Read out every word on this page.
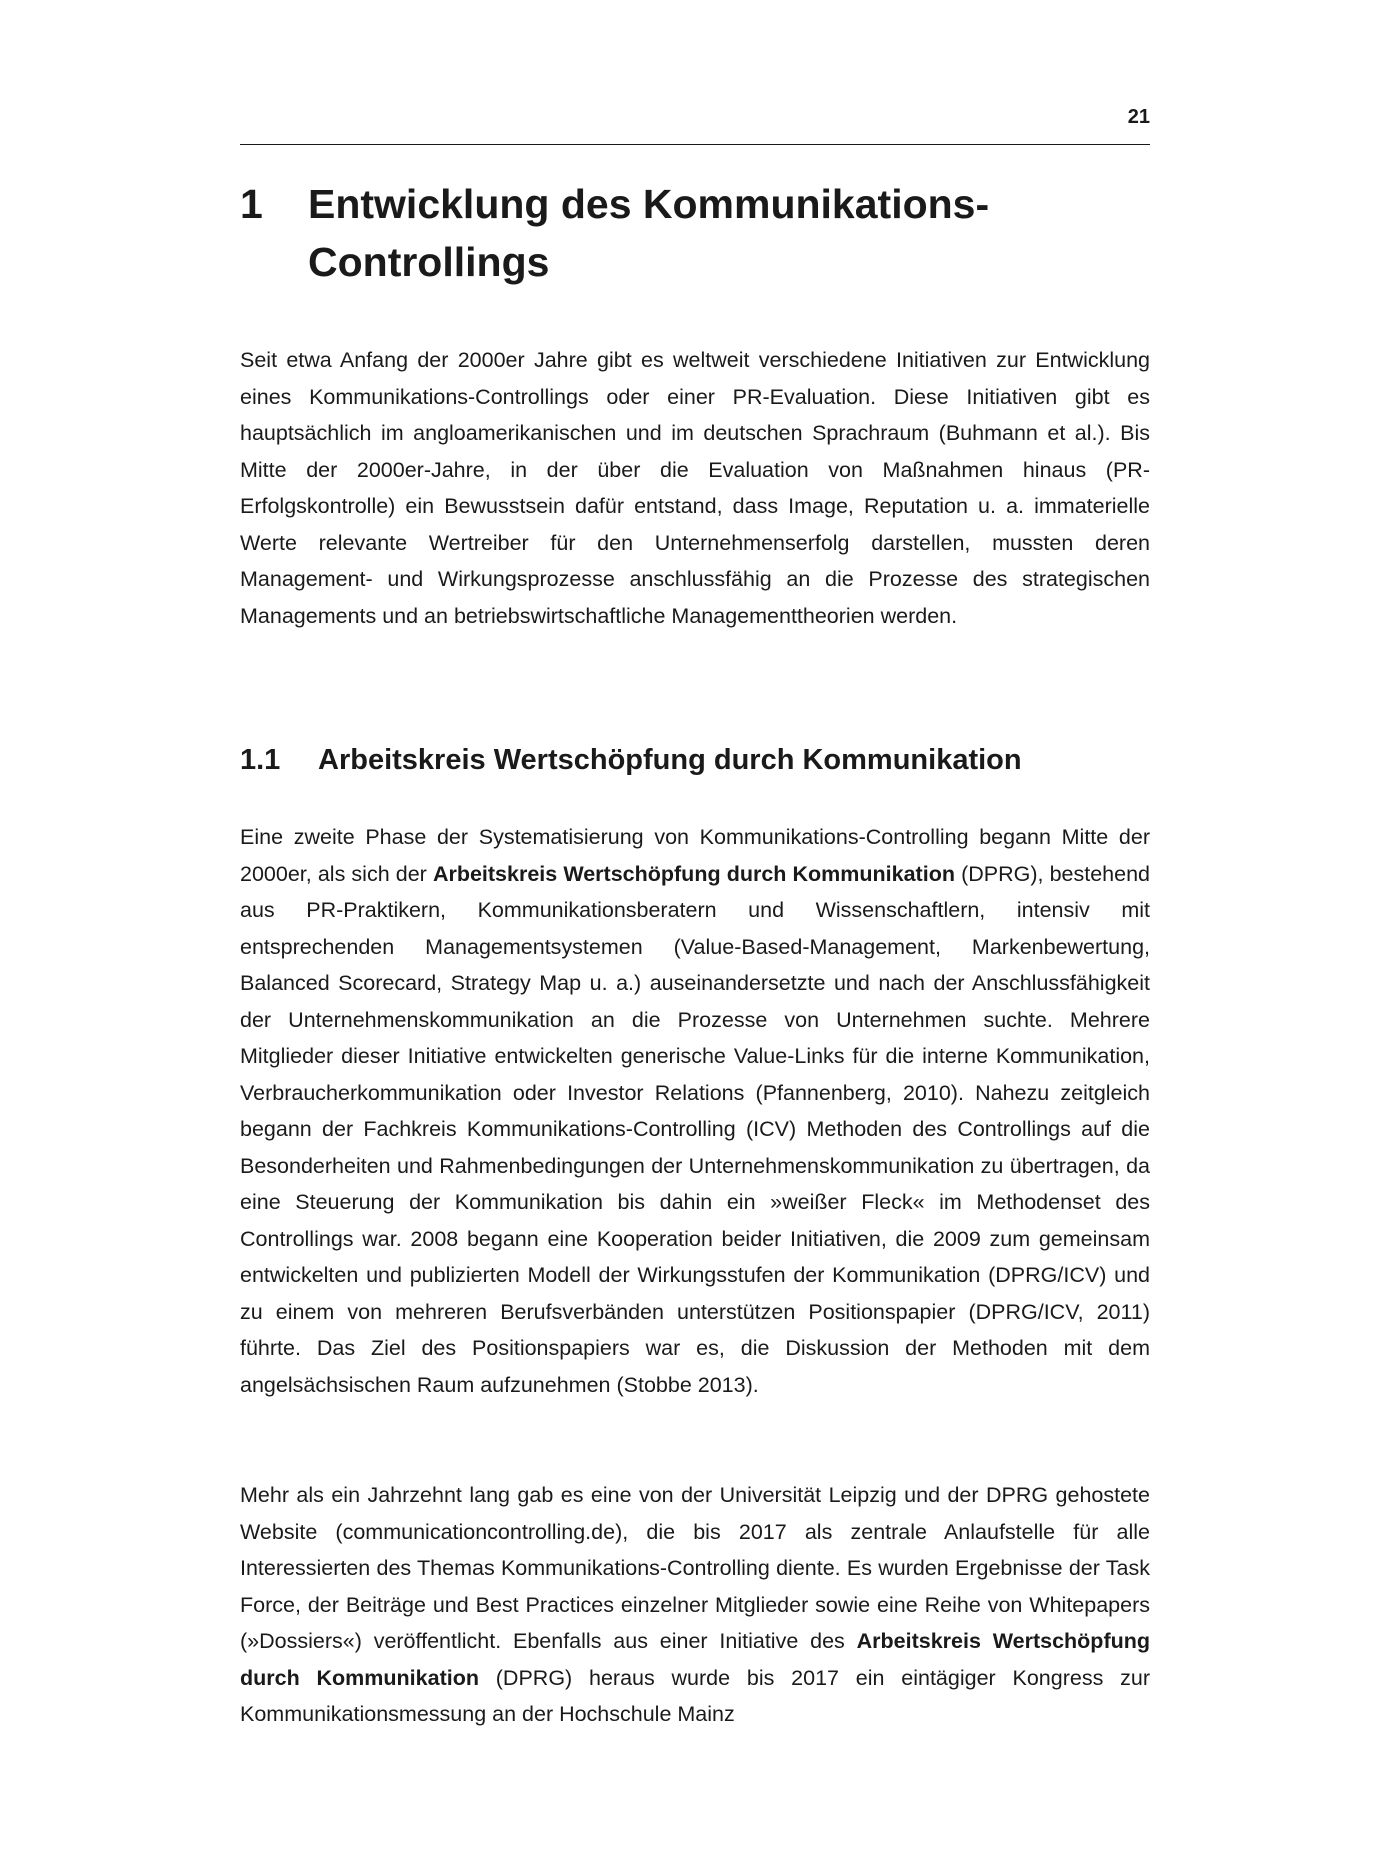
21
1	Entwicklung des Kommunikations-
Controllings

Seit etwa Anfang der 2000er Jahre gibt es weltweit verschiedene Initiativen zur Entwicklung eines Kommunikations-Controllings oder einer PR-Evaluation. Diese Initiativen gibt es hauptsächlich im angloamerikanischen und im deutschen Sprachraum (Buhmann et al.). Bis Mitte der 2000er-Jahre, in der über die Evaluation von Maßnahmen hinaus (PR-Erfolgskontrolle) ein Bewusstsein dafür entstand, dass Image, Reputation u. a. immaterielle Werte relevante Wertreiber für den Unternehmenserfolg darstellen, mussten deren Management- und Wirkungsprozesse anschlussfähig an die Prozesse des strategischen Managements und an betriebswirtschaftliche Managementtheorien werden.

1.1	Arbeitskreis Wertschöpfung durch Kommunikation

Eine zweite Phase der Systematisierung von Kommunikations-Controlling begann Mitte der 2000er, als sich der Arbeitskreis Wertschöpfung durch Kommunikation (DPRG), bestehend aus PR-Praktikern, Kommunikationsberatern und Wissenschaftlern, intensiv mit entsprechenden Managementsystemen (Value-Based-Management, Markenbewertung, Balanced Scorecard, Strategy Map u. a.) auseinandersetzte und nach der Anschlussfähigkeit der Unternehmenskommunikation an die Prozesse von Unternehmen suchte. Mehrere Mitglieder dieser Initiative entwickelten generische Value-Links für die interne Kommunikation, Verbraucherkommunikation oder Investor Relations (Pfannenberg, 2010). Nahezu zeitgleich begann der Fachkreis Kommunikations-Controlling (ICV) Methoden des Controllings auf die Besonderheiten und Rahmenbedingungen der Unternehmenskommunikation zu übertragen, da eine Steuerung der Kommunikation bis dahin ein »weißer Fleck« im Methodenset des Controllings war. 2008 begann eine Kooperation beider Initiativen, die 2009 zum gemeinsam entwickelten und publizierten Modell der Wirkungsstufen der Kommunikation (DPRG/ICV) und zu einem von mehreren Berufsverbänden unterstützen Positionspapier (DPRG/ICV, 2011) führte. Das Ziel des Positionspapiers war es, die Diskussion der Methoden mit dem angelsächsischen Raum aufzunehmen (Stobbe 2013).

Mehr als ein Jahrzehnt lang gab es eine von der Universität Leipzig und der DPRG gehostete Website (communicationcontrolling.de), die bis 2017 als zentrale Anlaufstelle für alle Interessierten des Themas Kommunikations-Controlling diente. Es wurden Ergebnisse der Task Force, der Beiträge und Best Practices einzelner Mitglieder sowie eine Reihe von Whitepapers (»Dossiers«) veröffentlicht. Ebenfalls aus einer Initiative des Arbeitskreis Wertschöpfung durch Kommunikation (DPRG) heraus wurde bis 2017 ein eintägiger Kongress zur Kommunikationsmessung an der Hochschule Mainz
